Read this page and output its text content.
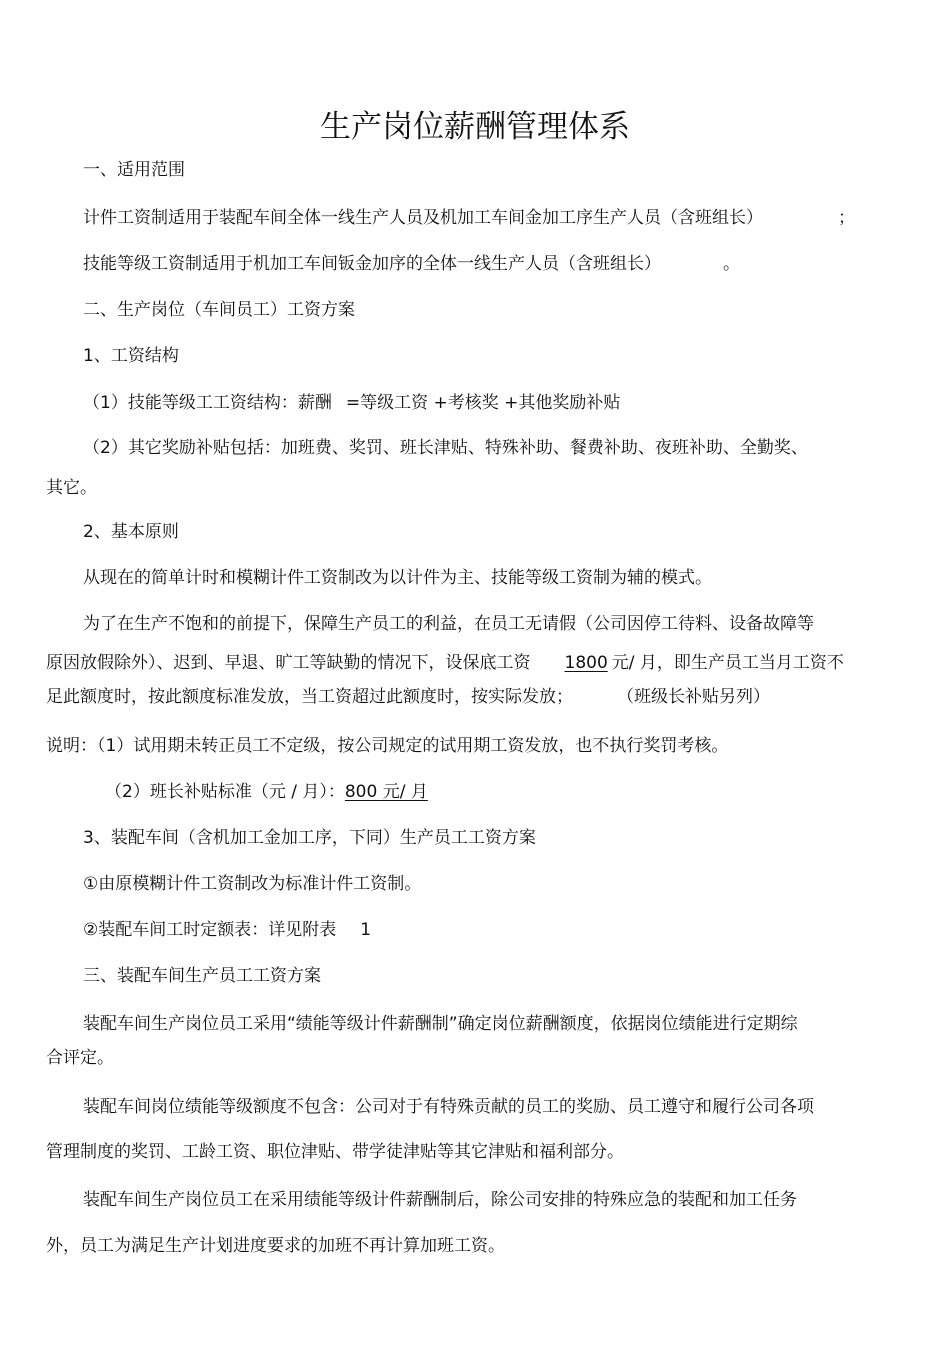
生产岗位薪酬管理体系
一、适用范围
计件工资制适用于装配车间全体一线生产人员及机加工车间金加工序生产人员（含班组长）	；
技能等级工资制适用于机加工车间钣金加序的全体一线生产人员（含班组长）	。
二、生产岗位（车间员工）工资方案
1、工资结构
（1）技能等级工工资结构：薪酬 =等级工资 +考核奖 +其他奖励补贴
（2）其它奖励补贴包括：加班费、奖罚、班长津贴、特殊补助、餐费补助、夜班补助、全勤奖、
其它。
2、基本原则
从现在的简单计时和模糊计件工资制改为以计件为主、技能等级工资制为辅的模式。
为了在生产不饱和的前提下，保障生产员工的利益，在员工无请假（公司因停工待料、设备故障等
原因放假除外）、迟到、早退、旷工等缺勤的情况下，设保底工资 1800 元/ 月，即生产员工当月工资不
足此额度时，按此额度标准发放，当工资超过此额度时，按实际发放；	（班级长补贴另列）
说明：（1）试用期未转正员工不定级，按公司规定的试用期工资发放，也不执行奖罚考核。
（2）班长补贴标准（元 / 月）：800 元/ 月
3、装配车间（含机加工金加工序，下同）生产员工工资方案
①由原模糊计件工资制改为标准计件工资制。
②装配车间工时定额表：详见附表 1
三、装配车间生产员工工资方案
装配车间生产岗位员工采用“绩能等级计件薪酬制”确定岗位薪酬额度，依据岗位绩能进行定期综
合评定。
装配车间岗位绩能等级额度不包含：公司对于有特殊贡献的员工的奖励、员工遵守和履行公司各项
管理制度的奖罚、工龄工资、职位津贴、带学徒津贴等其它津贴和福利部分。
装配车间生产岗位员工在采用绩能等级计件薪酬制后，除公司安排的特殊应急的装配和加工任务
外，员工为满足生产计划进度要求的加班不再计算加班工资。
